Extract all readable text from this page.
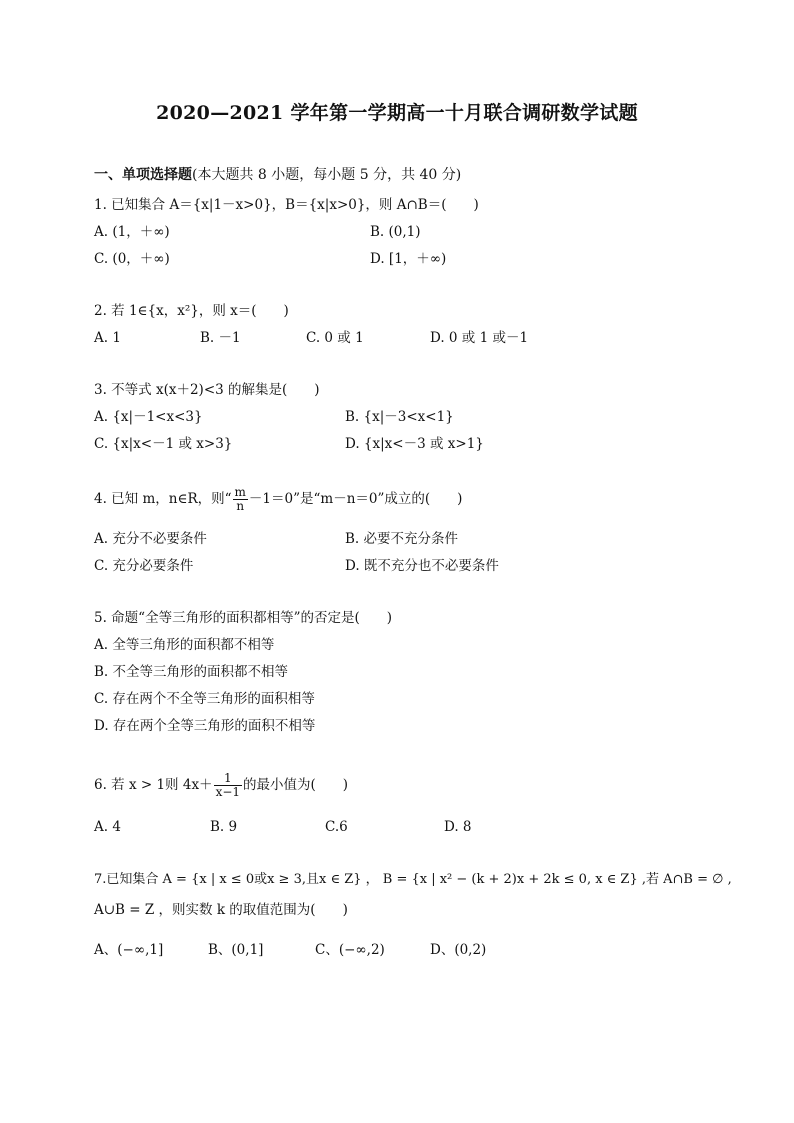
2020—2021 学年第一学期高一十月联合调研数学试题
一、单项选择题(本大题共 8 小题，每小题 5 分，共 40 分)
1. 已知集合 A＝{x|1－x>0}，B＝{x|x>0}，则 A∩B＝(　　)
A. (1，＋∞)	B. (0,1)
C. (0，＋∞)	D. [1，＋∞)
2. 若 1∈{x，x²}，则 x＝(　　)
A. 1	B. －1	C. 0 或 1	D. 0 或 1 或－1
3. 不等式 x(x＋2)<3 的解集是(　　)
A. {x|－1<x<3}	B. {x|－3<x<1}
C. {x|x<－1 或 x>3}	D. {x|x<－3 或 x>1}
4. 已知 m，n∈R，则“ $\frac{m}{n} -1=0$”是“m－n＝0”成立的(　　)
A. 充分不必要条件	B. 必要不充分条件
C. 充分必要条件	D. 既不充分也不必要条件
5. 命题“全等三角形的面积都相等”的否定是(　　)
A. 全等三角形的面积都不相等
B. 不全等三角形的面积都不相等
C. 存在两个不全等三角形的面积相等
D. 存在两个全等三角形的面积不相等
6. 若 x > 1则 $4x+ \frac{1}{x-1}$ 的最小值为(　　)
A. 4	B. 9	C.6	D. 8
7.已知集合 A = {x | x ≤ 0或x ≥ 3,且x ∈ Z} ， B = {x | x² − (k + 2)x + 2k ≤ 0, x ∈ Z} ,若 A∩B = ∅ ,
A∪B = Z ，则实数 k 的取值范围为(　　)
A、(−∞,1]	B、(0,1]	C、(−∞,2)	D、(0,2)
